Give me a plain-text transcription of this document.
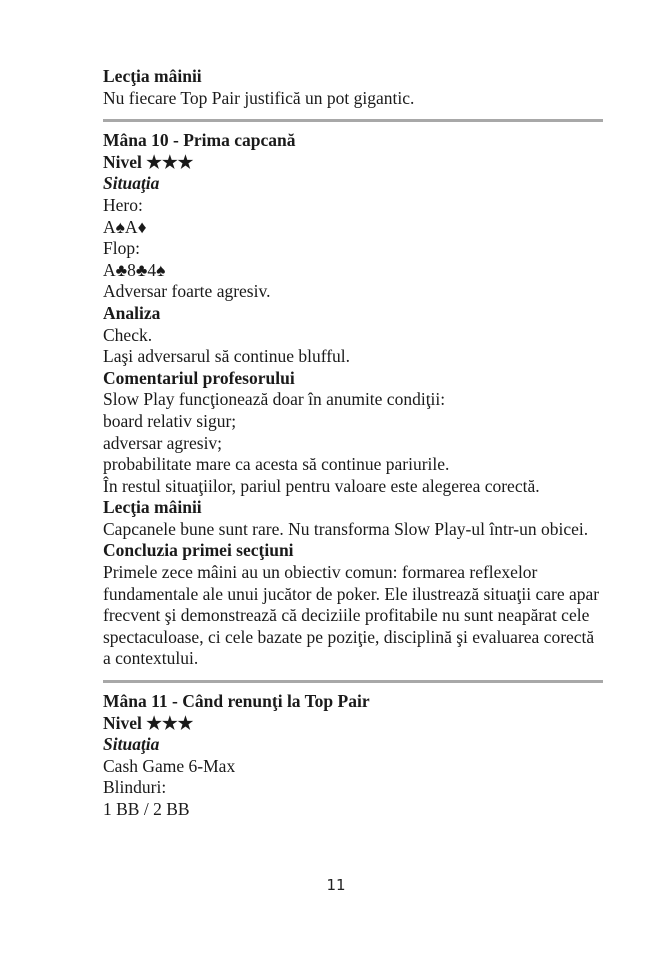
Lecţia mâinii
Nu fiecare Top Pair justifică un pot gigantic.
Mâna 10 - Prima capcană
Nivel ★★★
Situaţia
Hero:
A♠A♦
Flop:
A♣8♣4♠
Adversar foarte agresiv.
Analiza
Check.
Laşi adversarul să continue blufful.
Comentariul profesorului
Slow Play funcţionează doar în anumite condiţii:
board relativ sigur;
adversar agresiv;
probabilitate mare ca acesta să continue pariurile.
În restul situaţiilor, pariul pentru valoare este alegerea corectă.
Lecţia mâinii
Capcanele bune sunt rare. Nu transforma Slow Play-ul într-un obicei.
Concluzia primei secţiuni
Primele zece mâini au un obiectiv comun: formarea reflexelor fundamentale ale unui jucător de poker. Ele ilustrează situaţii care apar frecvent şi demonstrează că deciziile profitabile nu sunt neapărat cele spectaculoase, ci cele bazate pe poziţie, disciplină şi evaluarea corectă a contextului.
Mâna 11 - Când renunţi la Top Pair
Nivel ★★★
Situaţia
Cash Game 6-Max
Blinduri:
1 BB / 2 BB
11
